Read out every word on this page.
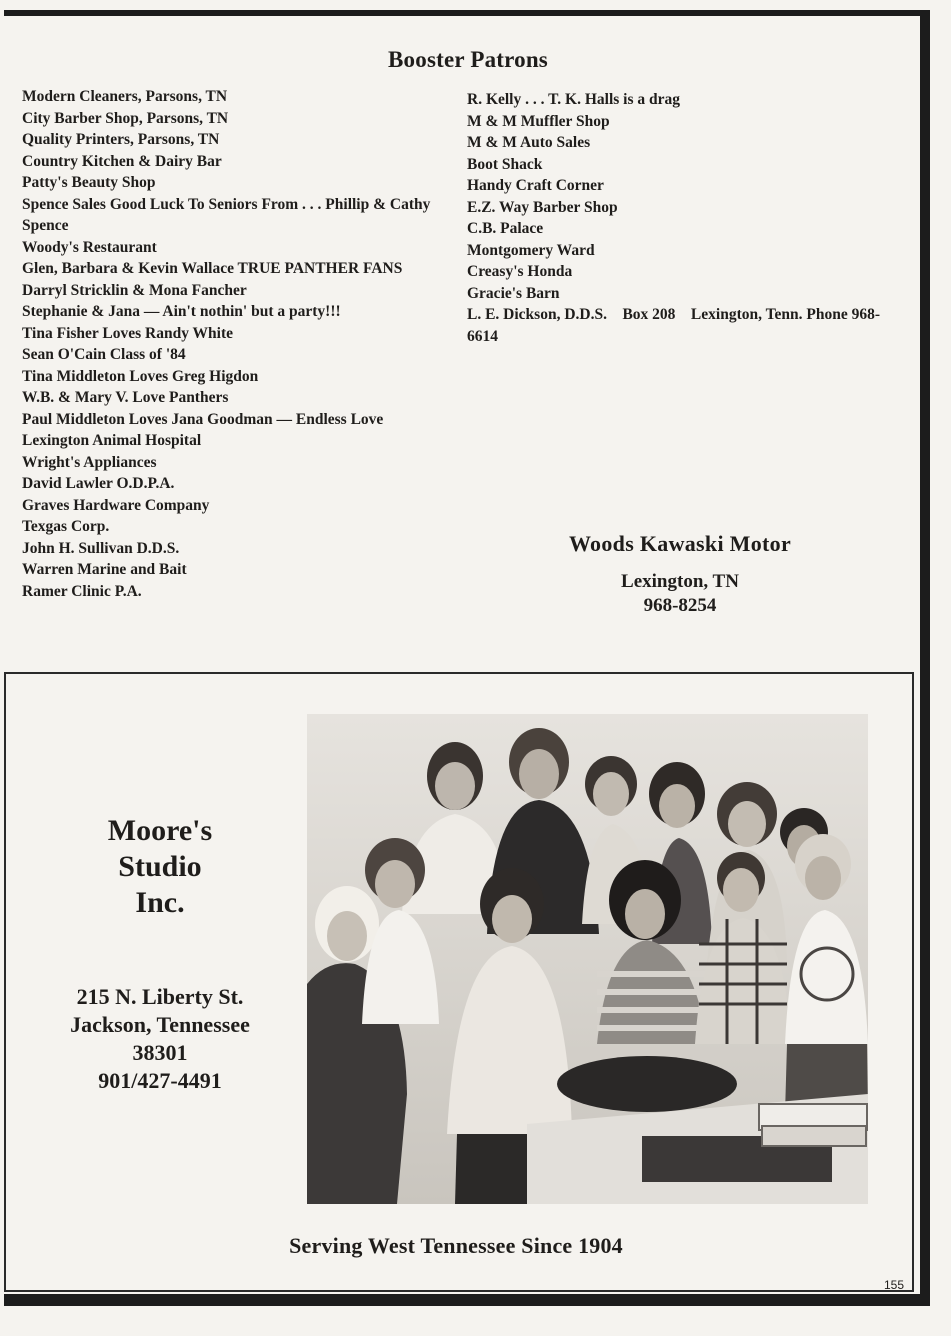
Booster Patrons
Modern Cleaners, Parsons, TN
City Barber Shop, Parsons, TN
Quality Printers, Parsons, TN
Country Kitchen & Dairy Bar
Patty's Beauty Shop
Spence Sales Good Luck To Seniors From . . . Phillip & Cathy Spence
Woody's Restaurant
Glen, Barbara & Kevin Wallace TRUE PANTHER FANS
Darryl Stricklin & Mona Fancher
Stephanie & Jana — Ain't nothin' but a party!!!
Tina Fisher Loves Randy White
Sean O'Cain Class of '84
Tina Middleton Loves Greg Higdon
W.B. & Mary V. Love Panthers
Paul Middleton Loves Jana Goodman — Endless Love
Lexington Animal Hospital
Wright's Appliances
David Lawler O.D.P.A.
Graves Hardware Company
Texgas Corp.
John H. Sullivan D.D.S.
Warren Marine and Bait
Ramer Clinic P.A.
R. Kelly . . . T. K. Halls is a drag
M & M Muffler Shop
M & M Auto Sales
Boot Shack
Handy Craft Corner
E.Z. Way Barber Shop
C.B. Palace
Montgomery Ward
Creasy's Honda
Gracie's Barn
L. E. Dickson, D.D.S.    Box 208    Lexington, Tenn. Phone 968-6614
Woods Kawaski Motor
Lexington, TN
968-8254
Moore's
Studio
Inc.
215 N. Liberty St.
Jackson, Tennessee
38301
901/427-4491
Serving West Tennessee Since 1904
155
